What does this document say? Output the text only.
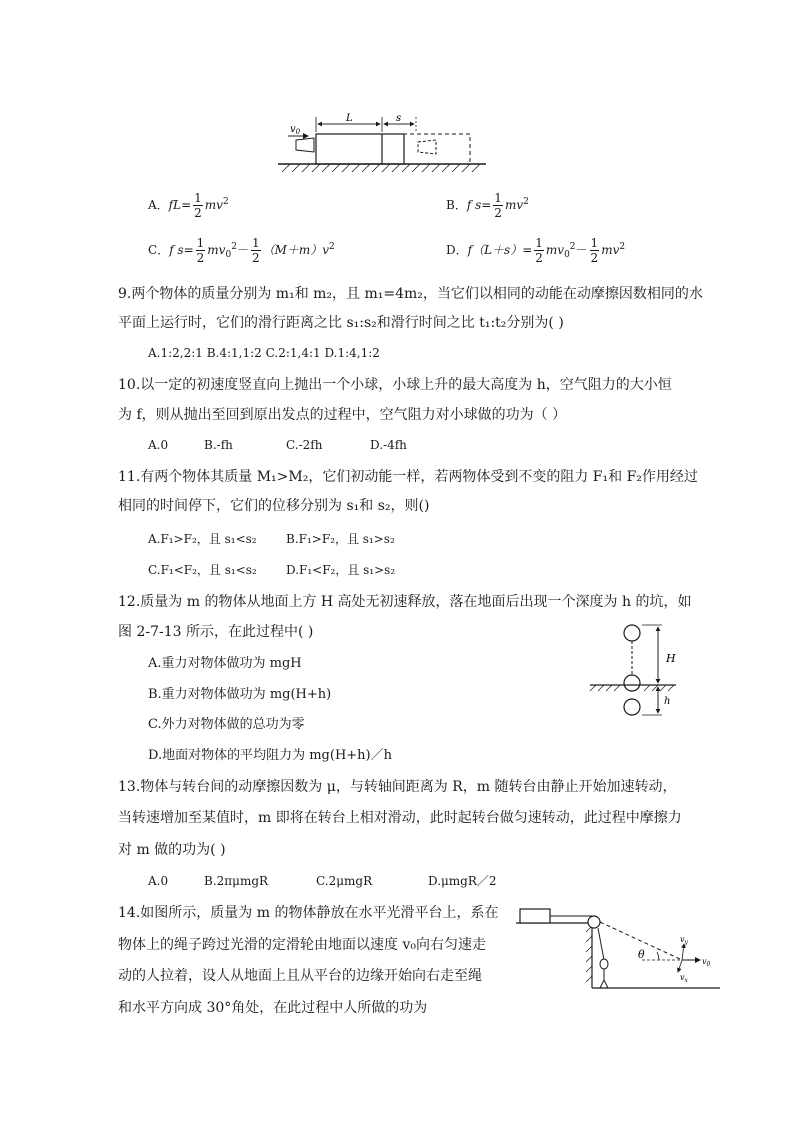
$v_0$
L	s
A．$fL= \frac{1}{2} mv^2$	B．f $s= \frac{1}{2} mv^2$
C．f $s= \frac{1}{2} mv_0^2- \frac{1}{2} (M+m)v^2$	D．$f(L+s)= \frac{1}{2} mv_0^2- \frac{1}{2} mv^2$
9.两个物体的质量分别为 m₁和 m₂，且 m₁=4m₂，当它们以相同的动能在动摩擦因数相同的水
平面上运行时，它们的滑行距离之比 s₁:s₂和滑行时间之比 t₁:t₂分别为( )
A.1:2,2:1 B.4:1,1:2 C.2:1,4:1 D.1:4,1:2
10.以一定的初速度竖直向上抛出一个小球，小球上升的最大高度为 h，空气阻力的大小恒
为 f，则从抛出至回到原出发点的过程中，空气阻力对小球做的功为（ ）
A.0	B.-fh	C.-2fh	D.-4fh
11.有两个物体其质量 M₁>M₂，它们初动能一样，若两物体受到不变的阻力 F₁和 F₂作用经过
相同的时间停下，它们的位移分别为 s₁和 s₂，则()
A.F₁>F₂，且 s₁<s₂ B.F₁>F₂，且 s₁>s₂
C.F₁<F₂，且 s₁<s₂ D.F₁<F₂，且 s₁>s₂
12.质量为 m 的物体从地面上方 H 高处无初速释放，落在地面后出现一个深度为 h 的坑，如
图 2-7-13 所示，在此过程中( )
A.重力对物体做功为 mgH
B.重力对物体做功为 mg(H+h)
C.外力对物体做的总功为零
D.地面对物体的平均阻力为 mg(H+h)／h
H
h
13.物体与转台间的动摩擦因数为 μ，与转轴间距离为 R，m 随转台由静止开始加速转动，
当转速增加至某值时，m 即将在转台上相对滑动，此时起转台做匀速转动，此过程中摩擦力
对 m 做的功为( )
A.0	B.2πμmgR	C.2μmgR	D.μmgR／2
14.如图所示，质量为 m 的物体静放在水平光滑平台上，系在
物体上的绳子跨过光滑的定滑轮由地面以速度 v₀向右匀速走
动的人拉着，设人从地面上且从平台的边缘开始向右走至绳
和水平方向成 30°角处，在此过程中人所做的功为
θ
$v_0$
$v_y$
$v_x$
